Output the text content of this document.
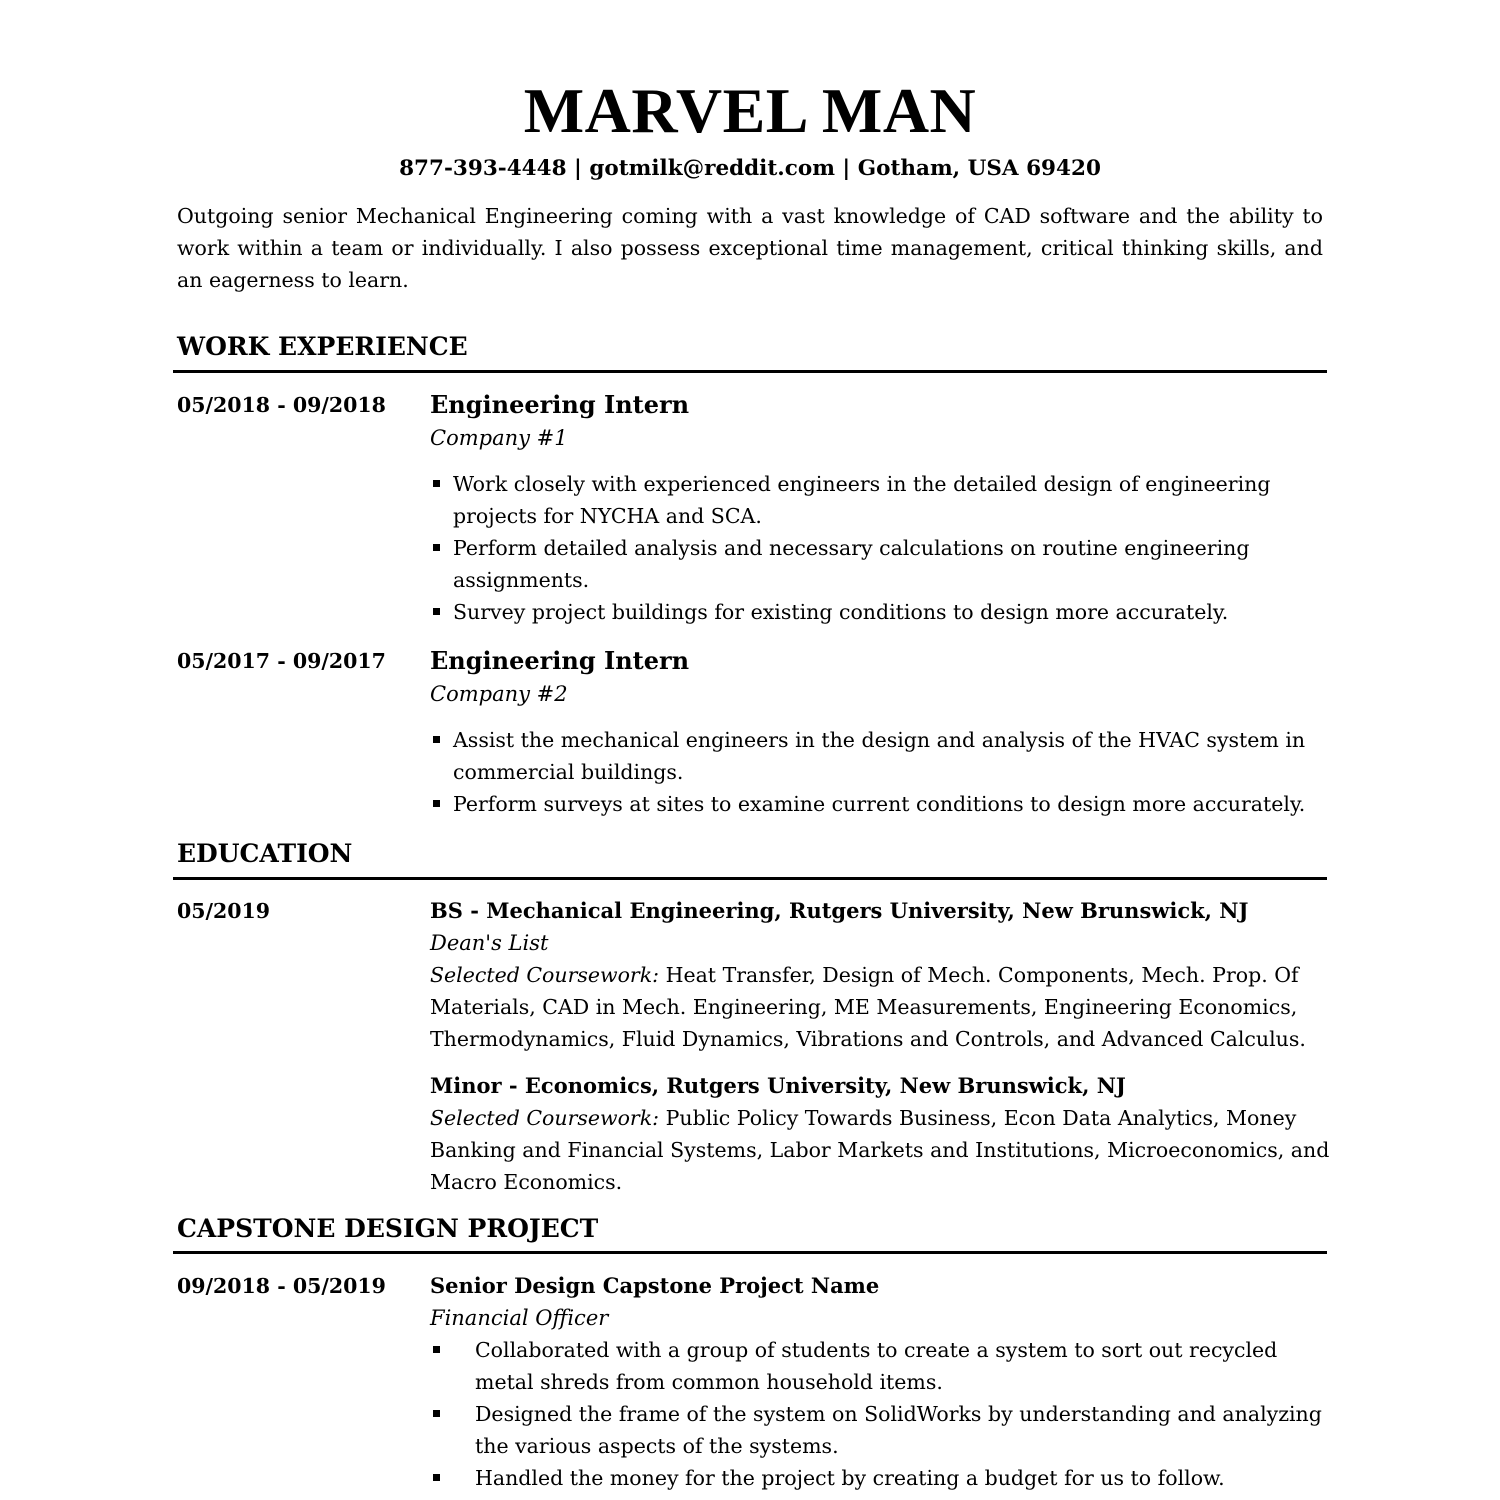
MARVEL MAN
877-393-4448 | gotmilk@reddit.com | Gotham, USA 69420
Outgoing senior Mechanical Engineering coming with a vast knowledge of CAD software and the ability to work within a team or individually. I also possess exceptional time management, critical thinking skills, and an eagerness to learn.
WORK EXPERIENCE
05/2018 - 09/2018 Engineering Intern
Company #1
Work closely with experienced engineers in the detailed design of engineering projects for NYCHA and SCA.
Perform detailed analysis and necessary calculations on routine engineering assignments.
Survey project buildings for existing conditions to design more accurately.
05/2017 - 09/2017 Engineering Intern
Company #2
Assist the mechanical engineers in the design and analysis of the HVAC system in commercial buildings.
Perform surveys at sites to examine current conditions to design more accurately.
EDUCATION
05/2019	BS - Mechanical Engineering, Rutgers University, New Brunswick, NJ
Dean's List
Selected Coursework: Heat Transfer, Design of Mech. Components, Mech. Prop. Of Materials, CAD in Mech. Engineering, ME Measurements, Engineering Economics, Thermodynamics, Fluid Dynamics, Vibrations and Controls, and Advanced Calculus.
Minor - Economics, Rutgers University, New Brunswick, NJ
Selected Coursework: Public Policy Towards Business, Econ Data Analytics, Money Banking and Financial Systems, Labor Markets and Institutions, Microeconomics, and Macro Economics.
CAPSTONE DESIGN PROJECT
09/2018 - 05/2019 Senior Design Capstone Project Name
Financial Officer
Collaborated with a group of students to create a system to sort out recycled metal shreds from common household items.
Designed the frame of the system on SolidWorks by understanding and analyzing the various aspects of the systems.
Handled the money for the project by creating a budget for us to follow.
